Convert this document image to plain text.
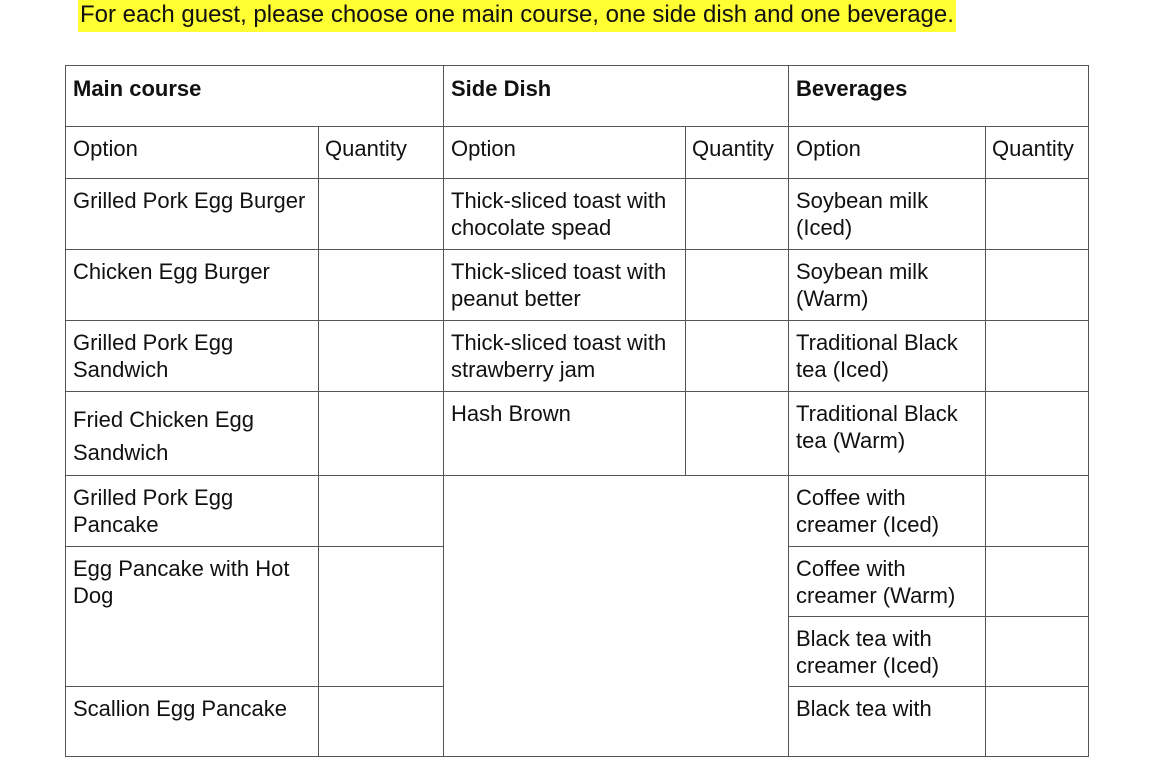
For each guest, please choose one main course, one side dish and one beverage.
Main course		Side Dish		Beverages	
Option	Quantity	Option	Quantity	Option	Quantity

Grilled Pork Egg Burger		Thick-sliced toast with chocolate spead		Soybean milk (Iced)	

Chicken Egg Burger		Thick-sliced toast with peanut better		Soybean milk (Warm)	

Grilled Pork Egg Sandwich		Thick-sliced toast with strawberry jam		Traditional Black tea (Iced)	

Fried Chicken Egg Sandwich		Hash Brown		Traditional Black tea (Warm)	

Grilled Pork Egg Pancake				Coffee with creamer (Iced)	

Egg Pancake with Hot Dog				Coffee with creamer (Warm)	

				Black tea with creamer (Iced)	

Scallion Egg Pancake				Black tea with	
